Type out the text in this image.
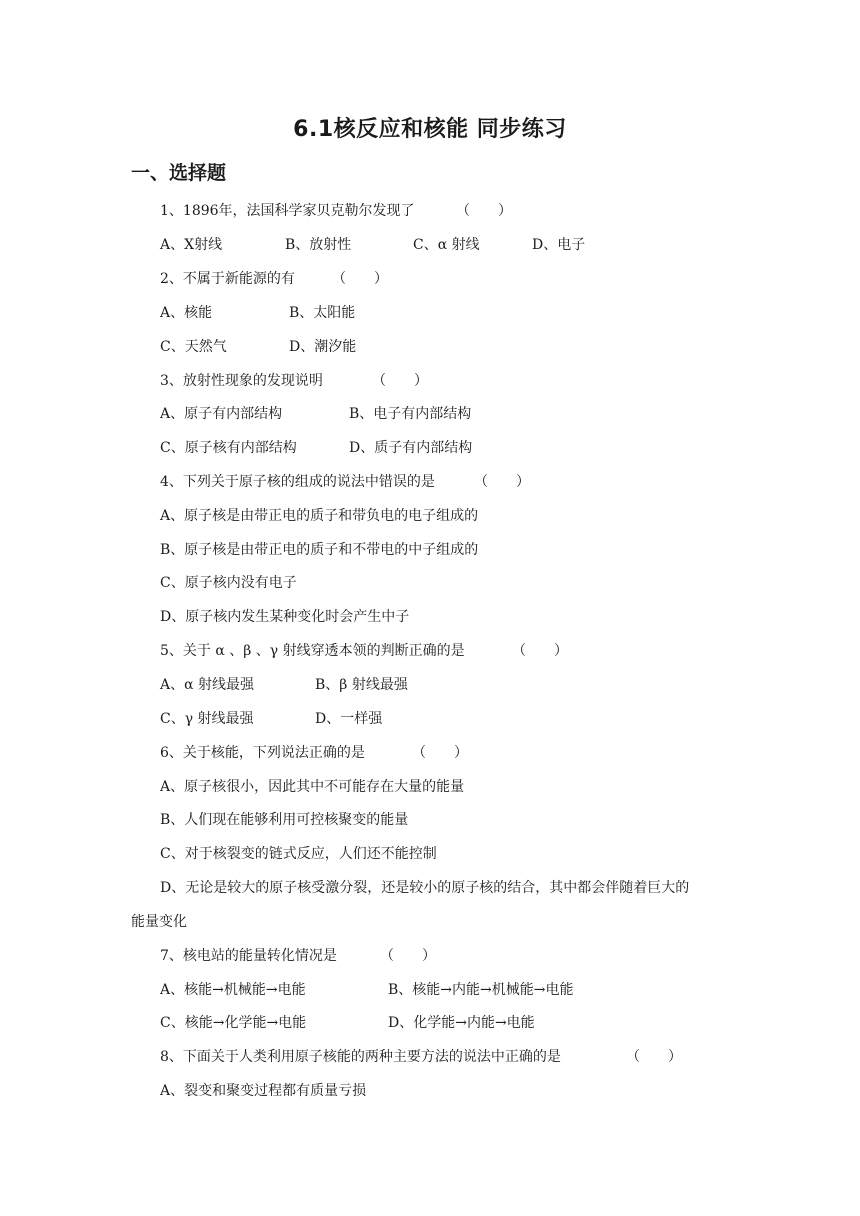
6.1核反应和核能 同步练习
一、选择题
1、1896年，法国科学家贝克勒尔发现了	（　　）
A、X射线	B、放射性	C、α 射线	D、电子
2、不属于新能源的有	（　　）
A、核能	B、太阳能
C、天然气	D、潮汐能
3、放射性现象的发现说明	（　　）
A、原子有内部结构	B、电子有内部结构
C、原子核有内部结构	D、质子有内部结构
4、下列关于原子核的组成的说法中错误的是	（　　）
A、原子核是由带正电的质子和带负电的电子组成的
B、原子核是由带正电的质子和不带电的中子组成的
C、原子核内没有电子
D、原子核内发生某种变化时会产生中子
5、关于 α 、β 、γ 射线穿透本领的判断正确的是	（　　）
A、α 射线最强	B、β 射线最强
C、γ 射线最强	D、一样强
6、关于核能，下列说法正确的是	（　　）
A、原子核很小，因此其中不可能存在大量的能量
B、人们现在能够利用可控核聚变的能量
C、对于核裂变的链式反应，人们还不能控制
D、无论是较大的原子核受激分裂，还是较小的原子核的结合，其中都会伴随着巨大的
能量变化
7、核电站的能量转化情况是	（　　）
A、核能→机械能→电能	B、核能→内能→机械能→电能
C、核能→化学能→电能	D、化学能→内能→电能
8、下面关于人类利用原子核能的两种主要方法的说法中正确的是	（　　）
A、裂变和聚变过程都有质量亏损
